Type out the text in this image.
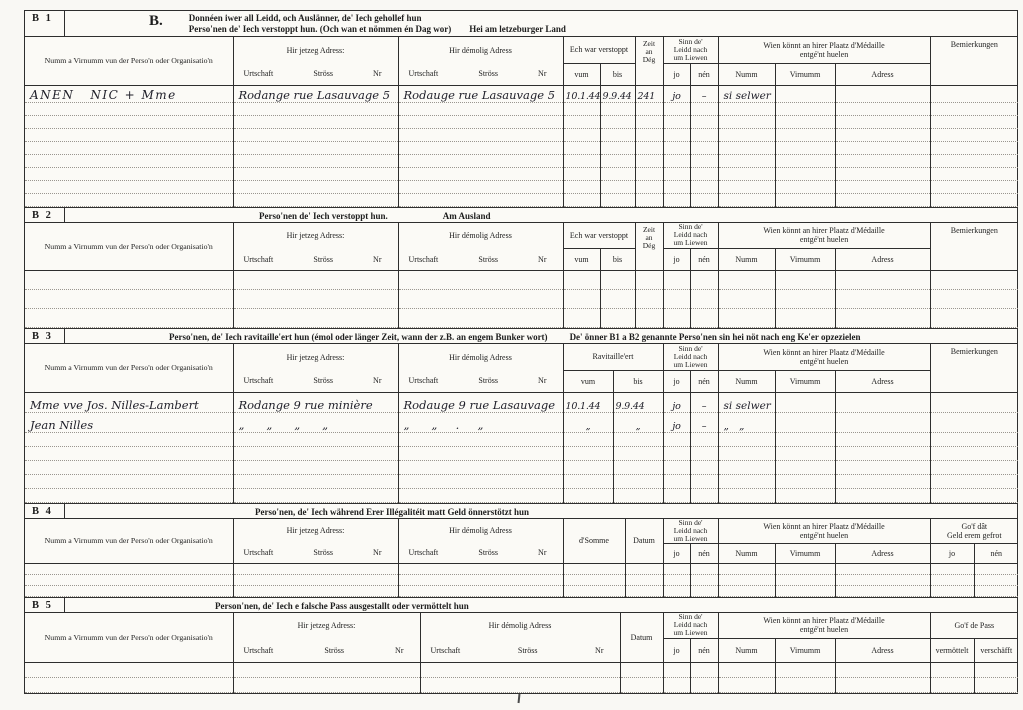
B 1	B.	Donnéen iwer all Leidd, och Auslänner, de' Iech gehollef hun
Perso'nen de' Iech verstoppt hun. (Och wan et nömmen én Dag wor) Hei am letzeburger Land
Numm a Virnumm vun der Perso'n oder Organisatio'n	Hir jetzeg Adress:	Hir démolig Adress	Ech war verstoppt		Zeit
an
Dég	Sinn de'
Leidd nach
um Liewen		Wien könnt an hirer Plaatz d'Médaille
entgé'nt huelen			Bemierkungen

	Urtschaft Ströss Nr	Urtschaft Ströss Nr	vum	bis		jo	nén	Numm	Virnumm	Adress	
ANEN   NIC + Mme	Rodange rue Lasauvage 5	Rodauge rue Lasauvage 5	10.1.44	9.9.44	241	jo	–	si selwer			

B 2	Perso'nen de' Iech verstoppt hun.	Am Ausland
Numm a Virnumm vun der Perso'n oder Organisatio'n	Hir jetzeg Adress:	Hir démolig Adress	Ech war verstoppt		Zeit
an
Dég	Sinn de'
Leidd nach
um Liewen		Wien könnt an hirer Plaatz d'Médaille
entgé'nt huelen			Bemierkungen

	Urtschaft Ströss Nr	Urtschaft Ströss Nr	vum	bis		jo	nén	Numm	Virnumm	Adress	

B 3	Perso'nen, de' Iech ravitaille'ert hun (émol oder länger Zeit, wann der z.B. an engem Bunker wort) De' önner B1 a B2 genannte Perso'nen sin hei nöt nach eng Ke'er opzezielen
Numm a Virnumm vun der Perso'n oder Organisatio'n	Hir jetzeg Adress:	Hir démolig Adress	Ravitaille'ert		Sinn de'
Leidd nach
um Liewen		Wien könnt an hirer Plaatz d'Médaille
entgé'nt huelen			Bemierkungen

	Urtschaft Ströss Nr	Urtschaft Ströss Nr	vum	bis	jo	nén	Numm	Virnumm	Adress	
Mme vve Jos. Nilles-Lambert	Rodange 9 rue minière	Rodauge 9 rue Lasauvage	10.1.44	9.9.44	jo	–	si selwer			
Jean Nilles	„      „      „      „	„      „     .     „	„	„	jo	–	„   „			

B 4	Perso'nen, de' Iech während Erer Illégalitéit matt Geld önnerstötzt hun
Numm a Virnumm vun der Perso'n oder Organisatio'n	Hir jetzeg Adress:	Hir démolig Adress	d'Somme	Datum	Sinn de'
Leidd nach
um Liewen		Wien könnt an hirer Plaatz d'Médaille
entgé'nt huelen			Go'f dât
Geld erem gefrot	

	Urtschaft Ströss Nr	Urtschaft Ströss Nr			jo	nén	Numm	Virnumm	Adress	jo	nén

B 5	Person'nen, de' Iech e falsche Pass ausgestallt oder vermöttelt hun
Numm a Virnumm vun der Perso'n oder Organisatio'n	Hir jetzeg Adress:	Hir démolig Adress	Datum	Sinn de'
Leidd nach
um Liewen		Wien könnt an hirer Plaatz d'Médaille
entgé'nt huelen			Go'f de Pass	

	Urtschaft Ströss Nr	Urtschaft Ströss Nr		jo	nén	Numm	Virnumm	Adress	vermöttelt	verschäfft
